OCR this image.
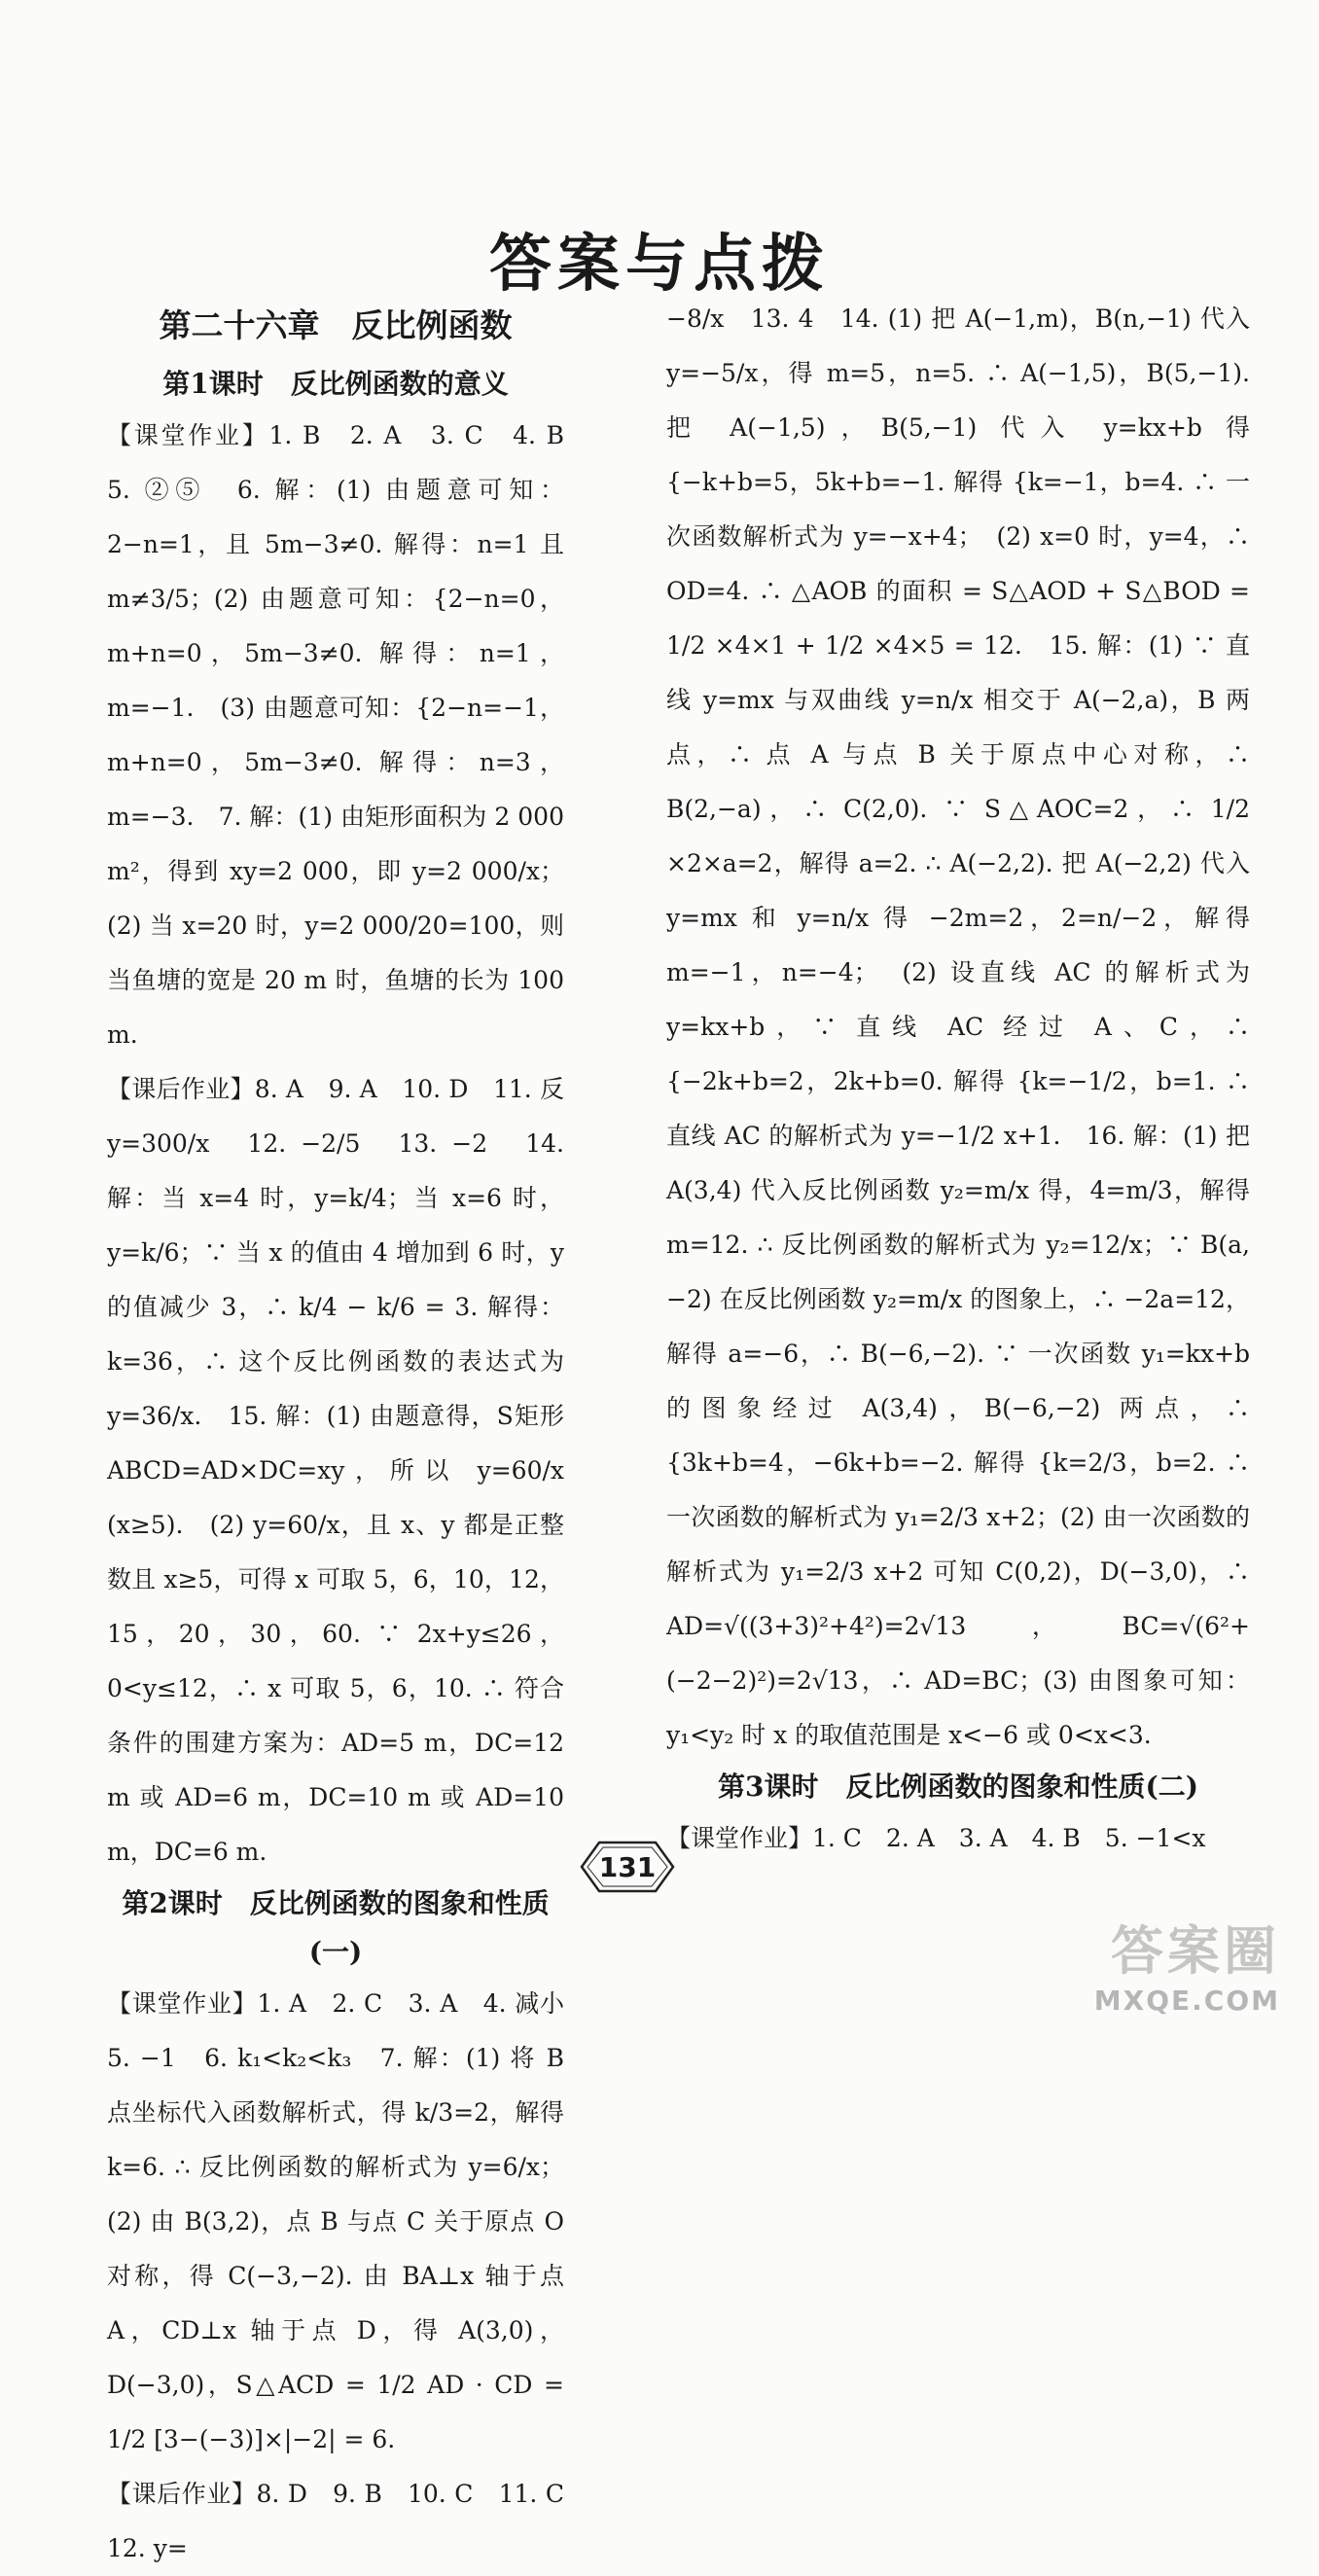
答案与点拨
第二十六章　反比例函数
第1课时　反比例函数的意义

【课堂作业】1. B　2. A　3. C　4. B　5. ②⑤　6. 解：(1) 由题意可知：2−n=1，且 5m−3≠0. 解得：n=1 且 m≠3/5；(2) 由题意可知：{2−n=0，m+n=0，5m−3≠0. 解得：n=1，m=−1.　(3) 由题意可知：{2−n=−1，m+n=0，5m−3≠0. 解得：n=3，m=−3.　7. 解：(1) 由矩形面积为 2 000 m²，得到 xy=2 000，即 y=2 000/x；(2) 当 x=20 时，y=2 000/20=100，则当鱼塘的宽是 20 m 时，鱼塘的长为 100 m.

【课后作业】8. A　9. A　10. D　11. 反　y=300/x　12. −2/5　13. −2　14. 解：当 x=4 时，y=k/4；当 x=6 时，y=k/6；∵ 当 x 的值由 4 增加到 6 时，y 的值减少 3，∴ k/4 − k/6 = 3. 解得：k=36，∴ 这个反比例函数的表达式为 y=36/x.　15. 解：(1) 由题意得，S矩形ABCD=AD×DC=xy，所以 y=60/x (x≥5).　(2) y=60/x，且 x、y 都是正整数且 x≥5，可得 x 可取 5，6，10，12，15，20，30，60. ∵ 2x+y≤26，0<y≤12，∴ x 可取 5，6，10. ∴ 符合条件的围建方案为：AD=5 m，DC=12 m 或 AD=6 m，DC=10 m 或 AD=10 m，DC=6 m.

第2课时　反比例函数的图象和性质(一)

【课堂作业】1. A　2. C　3. A　4. 减小　5. −1　6. k₁<k₂<k₃　7. 解：(1) 将 B 点坐标代入函数解析式，得 k/3=2，解得 k=6. ∴ 反比例函数的解析式为 y=6/x；(2) 由 B(3,2)，点 B 与点 C 关于原点 O 对称，得 C(−3,−2). 由 BA⊥x 轴于点 A，CD⊥x 轴于点 D，得 A(3,0)，D(−3,0)，S△ACD = 1/2 AD · CD = 1/2 [3−(−3)]×|−2| = 6.

【课后作业】8. D　9. B　10. C　11. C　12. y=

−8/x　13. 4　14. (1) 把 A(−1,m)，B(n,−1) 代入 y=−5/x，得 m=5，n=5. ∴ A(−1,5)，B(5,−1). 把 A(−1,5)，B(5,−1) 代入 y=kx+b 得 {−k+b=5，5k+b=−1. 解得 {k=−1，b=4. ∴ 一次函数解析式为 y=−x+4；　(2) x=0 时，y=4，∴ OD=4. ∴ △AOB 的面积 = S△AOD + S△BOD = 1/2 ×4×1 + 1/2 ×4×5 = 12.　15. 解：(1) ∵ 直线 y=mx 与双曲线 y=n/x 相交于 A(−2,a)，B 两点，∴ 点 A 与点 B 关于原点中心对称，∴ B(2,−a)，∴ C(2,0). ∵ S△AOC=2，∴ 1/2 ×2×a=2，解得 a=2. ∴ A(−2,2). 把 A(−2,2) 代入 y=mx 和 y=n/x 得 −2m=2，2=n/−2，解得 m=−1，n=−4；　(2) 设直线 AC 的解析式为 y=kx+b，∵ 直线 AC 经过 A、C，∴ {−2k+b=2，2k+b=0. 解得 {k=−1/2，b=1. ∴ 直线 AC 的解析式为 y=−1/2 x+1.　16. 解：(1) 把 A(3,4) 代入反比例函数 y₂=m/x 得，4=m/3，解得 m=12. ∴ 反比例函数的解析式为 y₂=12/x；∵ B(a,−2) 在反比例函数 y₂=m/x 的图象上，∴ −2a=12，解得 a=−6，∴ B(−6,−2). ∵ 一次函数 y₁=kx+b 的图象经过 A(3,4)，B(−6,−2) 两点，∴ {3k+b=4，−6k+b=−2. 解得 {k=2/3，b=2. ∴ 一次函数的解析式为 y₁=2/3 x+2；(2) 由一次函数的解析式为 y₁=2/3 x+2 可知 C(0,2)，D(−3,0)，∴ AD=√((3+3)²+4²)=2√13，BC=√(6²+(−2−2)²)=2√13，∴ AD=BC；(3) 由图象可知：y₁<y₂ 时 x 的取值范围是 x<−6 或 0<x<3.

第3课时　反比例函数的图象和性质(二)

【课堂作业】1. C　2. A　3. A　4. B　5. −1<x

131
答案圈
MXQE.COM
